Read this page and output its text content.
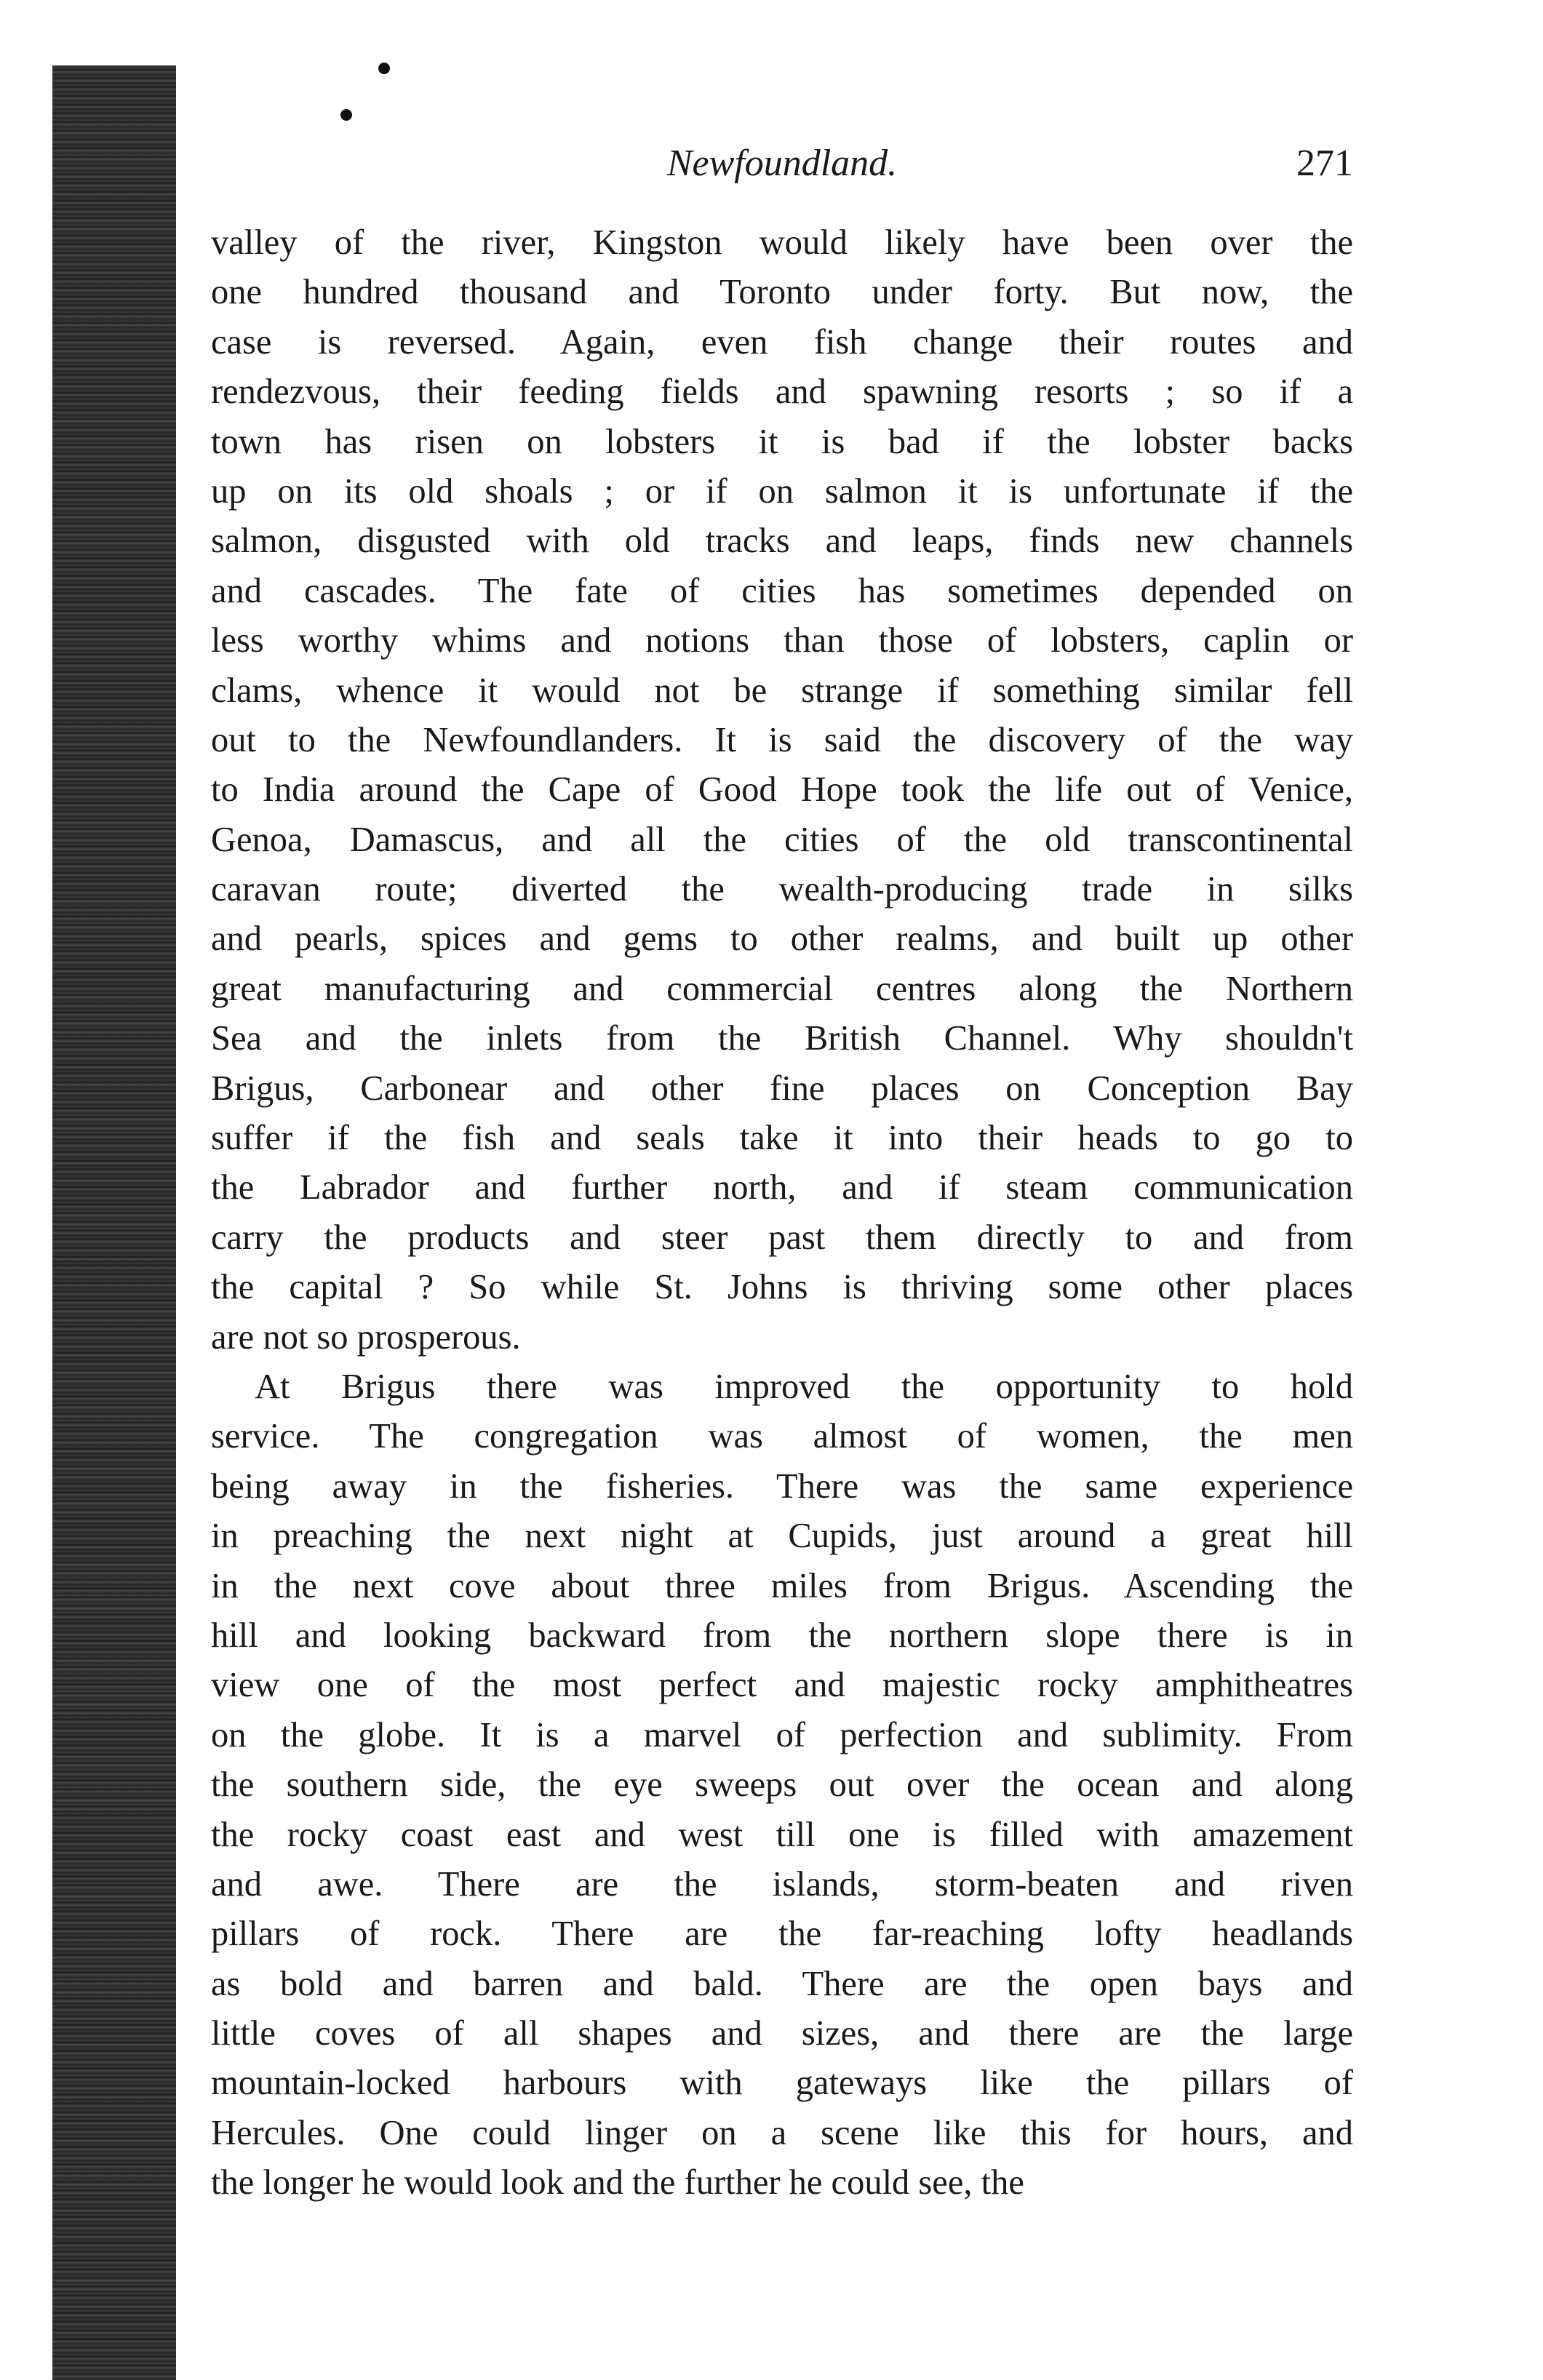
Newfoundland.	271
valley of the river, Kingston would likely have been over the
one hundred thousand and Toronto under forty. But now, the
case is reversed. Again, even fish change their routes and
rendezvous, their feeding fields and spawning resorts ; so if a
town has risen on lobsters it is bad if the lobster backs
up on its old shoals ; or if on salmon it is unfortunate if the
salmon, disgusted with old tracks and leaps, finds new channels
and cascades. The fate of cities has sometimes depended on
less worthy whims and notions than those of lobsters, caplin or
clams, whence it would not be strange if something similar fell
out to the Newfoundlanders. It is said the discovery of the way
to India around the Cape of Good Hope took the life out of Venice,
Genoa, Damascus, and all the cities of the old transcontinental
caravan route; diverted the wealth-producing trade in silks
and pearls, spices and gems to other realms, and built up other
great manufacturing and commercial centres along the Northern
Sea and the inlets from the British Channel. Why shouldn't
Brigus, Carbonear and other fine places on Conception Bay
suffer if the fish and seals take it into their heads to go to
the Labrador and further north, and if steam communication
carry the products and steer past them directly to and from
the capital ? So while St. Johns is thriving some other places
are not so prosperous.
At Brigus there was improved the opportunity to hold
service. The congregation was almost of women, the men
being away in the fisheries. There was the same experience
in preaching the next night at Cupids, just around a great hill
in the next cove about three miles from Brigus. Ascending the
hill and looking backward from the northern slope there is in
view one of the most perfect and majestic rocky amphitheatres
on the globe. It is a marvel of perfection and sublimity. From
the southern side, the eye sweeps out over the ocean and along
the rocky coast east and west till one is filled with amazement
and awe. There are the islands, storm-beaten and riven
pillars of rock. There are the far-reaching lofty headlands
as bold and barren and bald. There are the open bays and
little coves of all shapes and sizes, and there are the large
mountain-locked harbours with gateways like the pillars of
Hercules. One could linger on a scene like this for hours, and
the longer he would look and the further he could see, the
